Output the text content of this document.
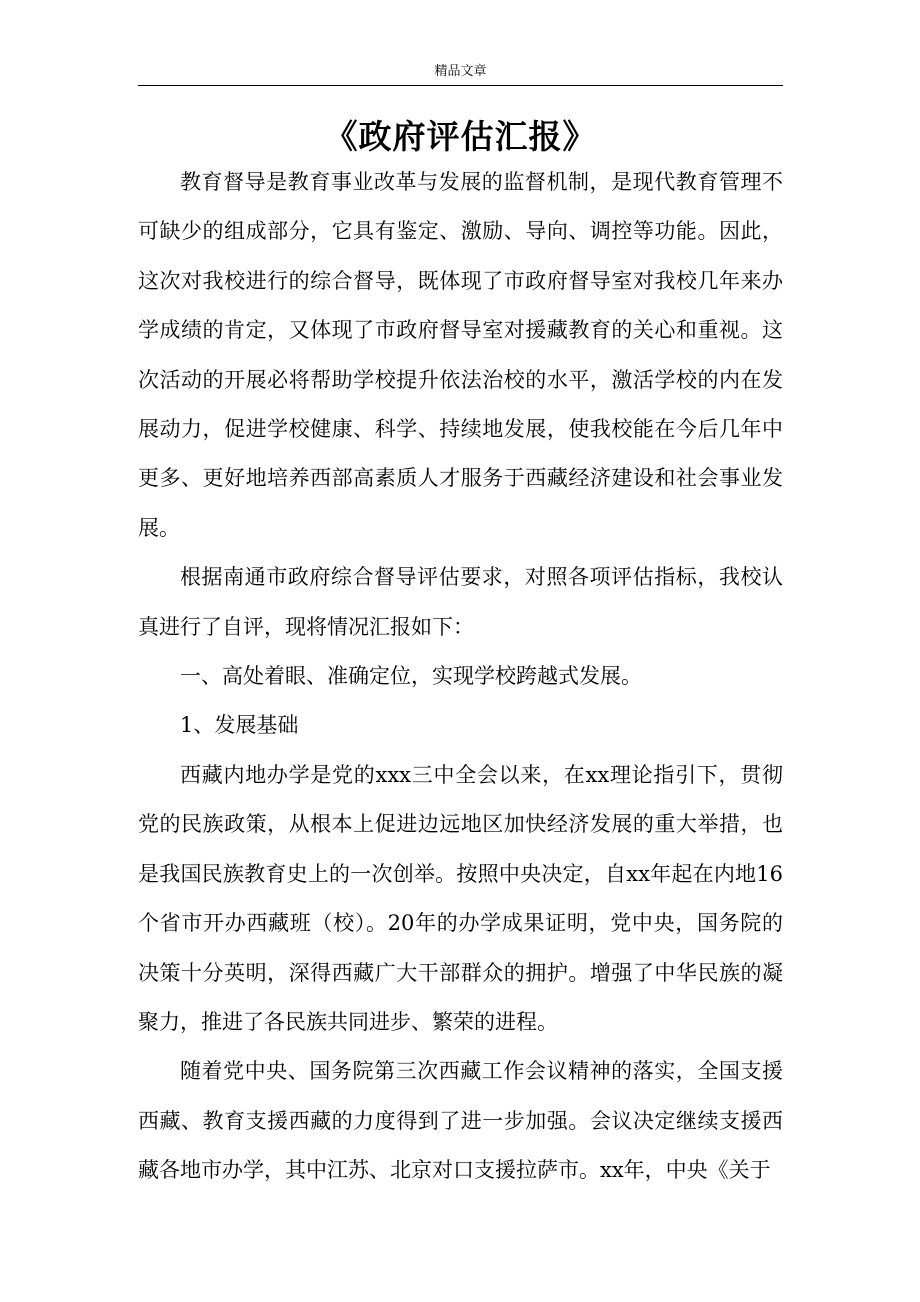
精品文章
《政府评估汇报》

教育督导是教育事业改革与发展的监督机制，是现代教育管理不可缺少的组成部分，它具有鉴定、激励、导向、调控等功能。因此，这次对我校进行的综合督导，既体现了市政府督导室对我校几年来办学成绩的肯定，又体现了市政府督导室对援藏教育的关心和重视。这次活动的开展必将帮助学校提升依法治校的水平，激活学校的内在发展动力，促进学校健康、科学、持续地发展，使我校能在今后几年中更多、更好地培养西部高素质人才服务于西藏经济建设和社会事业发展。

根据南通市政府综合督导评估要求，对照各项评估指标，我校认真进行了自评，现将情况汇报如下：

一、高处着眼、准确定位，实现学校跨越式发展。

1、发展基础

西藏内地办学是党的xxx三中全会以来，在xx理论指引下，贯彻党的民族政策，从根本上促进边远地区加快经济发展的重大举措，也是我国民族教育史上的一次创举。按照中央决定，自xx年起在内地16个省市开办西藏班（校）。20年的办学成果证明，党中央，国务院的决策十分英明，深得西藏广大干部群众的拥护。增强了中华民族的凝聚力，推进了各民族共同进步、繁荣的进程。

随着党中央、国务院第三次西藏工作会议精神的落实，全国支援西藏、教育支援西藏的力度得到了进一步加强。会议决定继续支援西藏各地市办学，其中江苏、北京对口支援拉萨市。xx年，中央《关于
